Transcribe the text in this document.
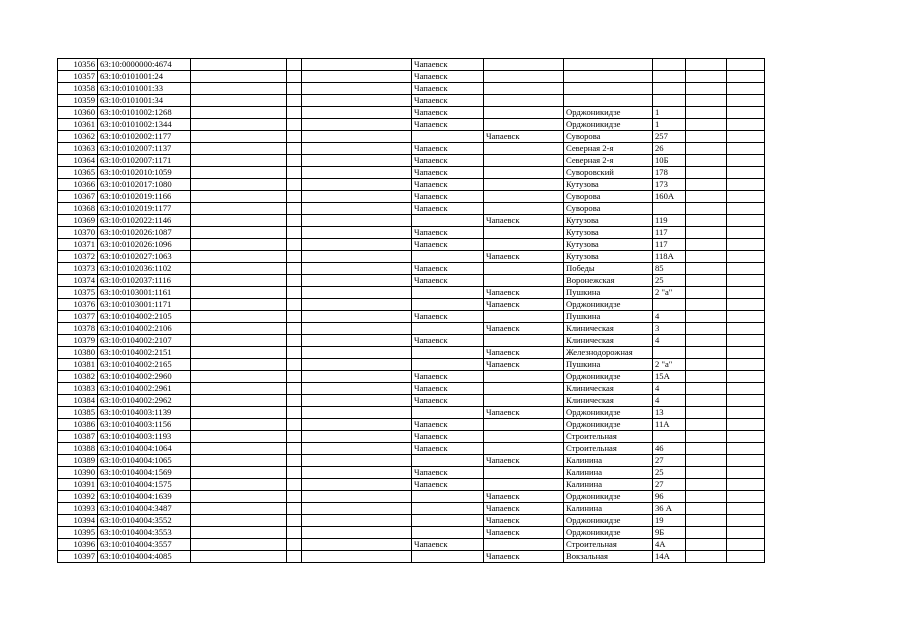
10356	63:10:0000000:4674				Чапаевск						
10357	63:10:0101001:24				Чапаевск						
10358	63:10:0101001:33				Чапаевск						
10359	63:10:0101001:34				Чапаевск						
10360	63:10:0101002:1268				Чапаевск		Орджоникидзе	1			
10361	63:10:0101002:1344				Чапаевск		Орджоникидзе	1			
10362	63:10:0102002:1177					Чапаевск	Суворова	257			
10363	63:10:0102007:1137				Чапаевск		Северная 2-я	26			
10364	63:10:0102007:1171				Чапаевск		Северная 2-я	10Б			
10365	63:10:0102010:1059				Чапаевск		Суворовский	178			
10366	63:10:0102017:1080				Чапаевск		Кутузова	173			
10367	63:10:0102019:1166				Чапаевск		Суворова	160А			
10368	63:10:0102019:1177				Чапаевск		Суворова				
10369	63:10:0102022:1146					Чапаевск	Кутузова	119			
10370	63:10:0102026:1087				Чапаевск		Кутузова	117			
10371	63:10:0102026:1096				Чапаевск		Кутузова	117			
10372	63:10:0102027:1063					Чапаевск	Кутузова	118А			
10373	63:10:0102036:1102				Чапаевск		Победы	85			
10374	63:10:0102037:1116				Чапаевск		Воронежская	25			
10375	63:10:0103001:1161					Чапаевск	Пушкина	2 "а"			
10376	63:10:0103001:1171					Чапаевск	Орджоникидзе				
10377	63:10:0104002:2105				Чапаевск		Пушкина	4			
10378	63:10:0104002:2106					Чапаевск	Клиническая	3			
10379	63:10:0104002:2107				Чапаевск		Клиническая	4			
10380	63:10:0104002:2151					Чапаевск	Железнодорожная				
10381	63:10:0104002:2165					Чапаевск	Пушкина	2 "а"			
10382	63:10:0104002:2960				Чапаевск		Орджоникидзе	15А			
10383	63:10:0104002:2961				Чапаевск		Клиническая	4			
10384	63:10:0104002:2962				Чапаевск		Клиническая	4			
10385	63:10:0104003:1139					Чапаевск	Орджоникидзе	13			
10386	63:10:0104003:1156				Чапаевск		Орджоникидзе	11А			
10387	63:10:0104003:1193				Чапаевск		Строительная				
10388	63:10:0104004:1064				Чапаевск		Строительная	46			
10389	63:10:0104004:1065					Чапаевск	Калинина	27			
10390	63:10:0104004:1569				Чапаевск		Калинина	25			
10391	63:10:0104004:1575				Чапаевск		Калинина	27			
10392	63:10:0104004:1639					Чапаевск	Орджоникидзе	96			
10393	63:10:0104004:3487					Чапаевск	Калинина	36 А			
10394	63:10:0104004:3552					Чапаевск	Орджоникидзе	19			
10395	63:10:0104004:3553					Чапаевск	Орджоникидзе	9Б			
10396	63:10:0104004:3557				Чапаевск		Строительная	4А			
10397	63:10:0104004:4085					Чапаевск	Вокзальная	14А			
